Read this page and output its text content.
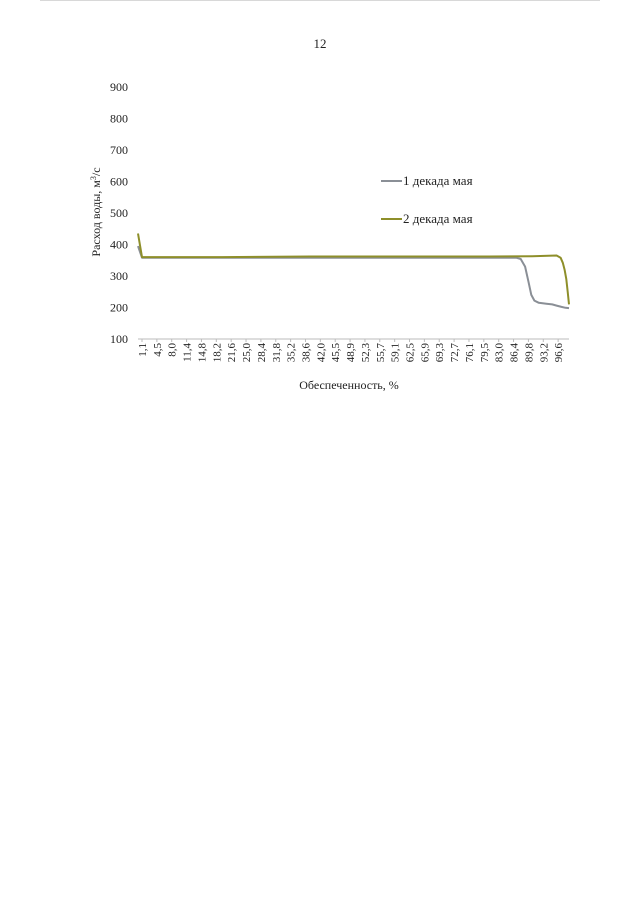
12
100
200
300
400
500
600
700
800
900
1,1 4,5 8,0 11,4 14,8 18,2 21,6 25,0 28,4 31,8 35,2 38,6 42,0 45,5 48,9 52,3 55,7 59,1 62,5 65,9 69,3 72,7 76,1 79,5 83,0 86,4 89,8 93,2 96,6
1 декада мая
2 декада мая
Обеспеченность, %
Расход воды, $м^3/с$
